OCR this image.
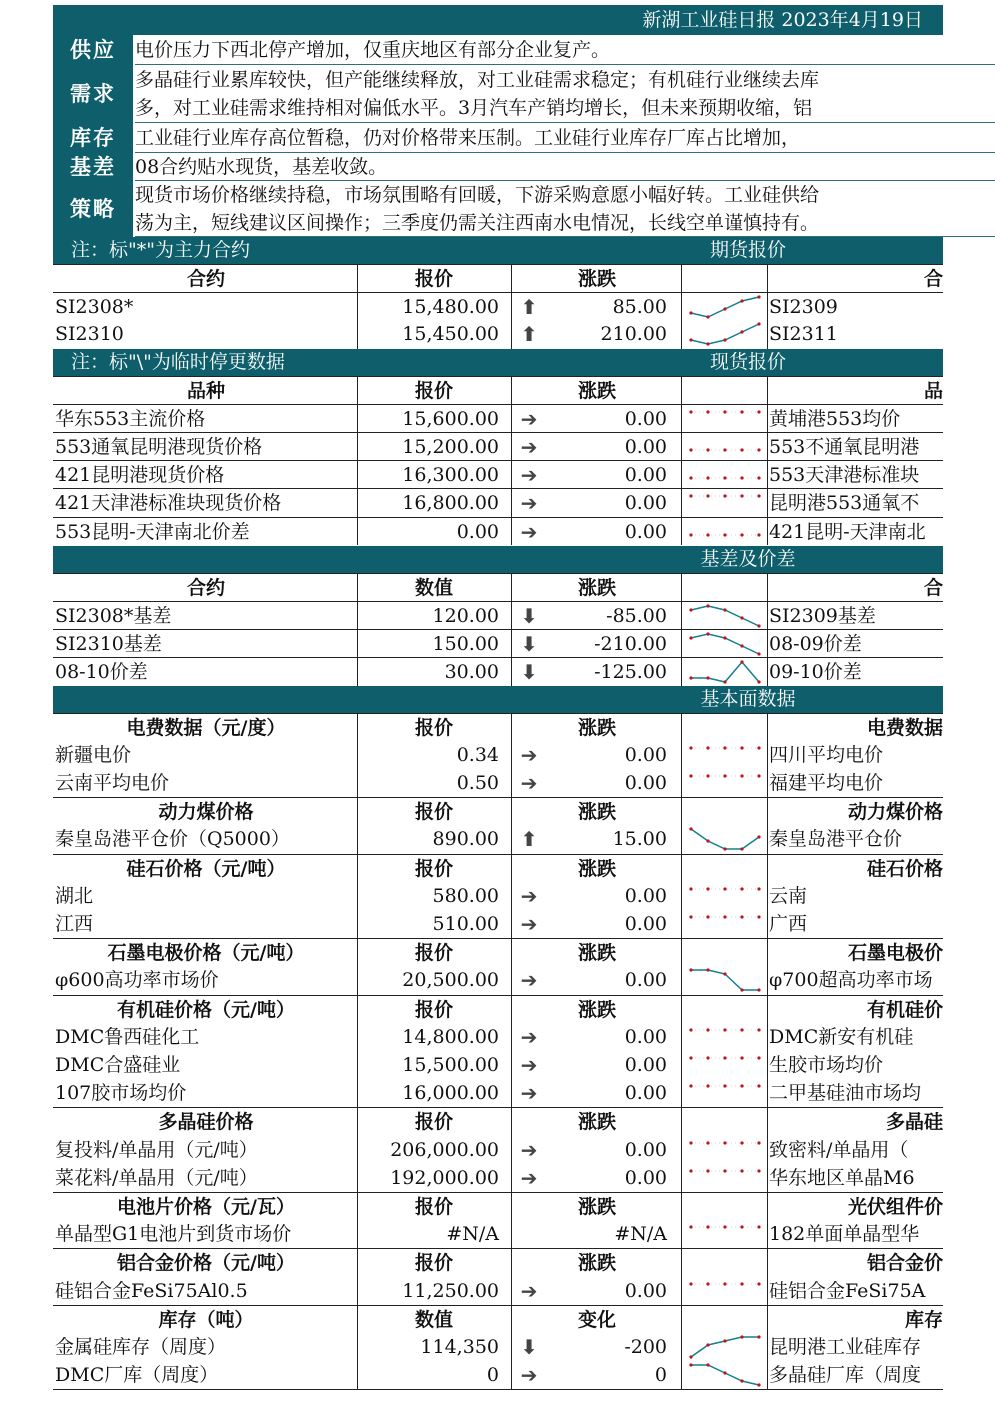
新湖工业硅日报 2023年4月19日
供应	电价压力下西北停产增加，仅重庆地区有部分企业复产。
需求
多晶硅行业累库较快，但产能继续释放，对工业硅需求稳定；有机硅行业继续去库
多，对工业硅需求维持相对偏低水平。3月汽车产销均增长，但未来预期收缩，铝
库存	工业硅行业库存高位暂稳，仍对价格带来压制。工业硅行业库存厂库占比增加，
基差	08合约贴水现货，基差收敛。
策略
现货市场价格继续持稳，市场氛围略有回暖，下游采购意愿小幅好转。工业硅供给
荡为主，短线建议区间操作；三季度仍需关注西南水电情况，长线空单谨慎持有。
注：标"*"为主力合约	期货报价
合约	报价	涨跌	合
SI2308*	15,480.00	⬆	85.00	SI2309
SI2310	15,450.00	⬆	210.00	SI2311
注：标"\"为临时停更数据	现货报价
品种	报价	涨跌	品
华东553主流价格	15,600.00	➔	0.00	黄埔港553均价
553通氧昆明港现货价格	15,200.00	➔	0.00	553不通氧昆明港
421昆明港现货价格	16,300.00	➔	0.00	553天津港标准块
421天津港标准块现货价格	16,800.00	➔	0.00	昆明港553通氧不
553昆明-天津南北价差	0.00	➔	0.00	421昆明-天津南北
基差及价差
合约	数值	涨跌	合
SI2308*基差	120.00	⬇	-85.00	SI2309基差
SI2310基差	150.00	⬇	-210.00	08-09价差
08-10价差	30.00	⬇	-125.00	09-10价差
基本面数据
电费数据（元/度）	报价	涨跌	电费数据
新疆电价	0.34	➔	0.00	四川平均电价
云南平均电价	0.50	➔	0.00	福建平均电价
动力煤价格	报价	涨跌	动力煤价格
秦皇岛港平仓价（Q5000）	890.00	⬆	15.00	秦皇岛港平仓价
硅石价格（元/吨）	报价	涨跌	硅石价格
湖北	580.00	➔	0.00	云南
江西	510.00	➔	0.00	广西
石墨电极价格（元/吨）	报价	涨跌	石墨电极价
φ600高功率市场价	20,500.00	➔	0.00	φ700超高功率市场
有机硅价格（元/吨）	报价	涨跌	有机硅价
DMC鲁西硅化工	14,800.00	➔	0.00	DMC新安有机硅
DMC合盛硅业	15,500.00	➔	0.00	生胶市场均价
107胶市场均价	16,000.00	➔	0.00	二甲基硅油市场均
多晶硅价格	报价	涨跌	多晶硅
复投料/单晶用（元/吨）	206,000.00	➔	0.00	致密料/单晶用（
菜花料/单晶用（元/吨）	192,000.00	➔	0.00	华东地区单晶M6
电池片价格（元/瓦）	报价	涨跌	光伏组件价
单晶型G1电池片到货市场价	#N/A	#N/A	182单面单晶型华
铝合金价格（元/吨）	报价	涨跌	铝合金价
硅铝合金FeSi75Al0.5	11,250.00	➔	0.00	硅铝合金FeSi75A
库存（吨）	数值	变化	库存
金属硅库存（周度）	114,350	⬇	-200	昆明港工业硅库存
DMC厂库（周度）	0	➔	0	多晶硅厂库（周度
相关图表
